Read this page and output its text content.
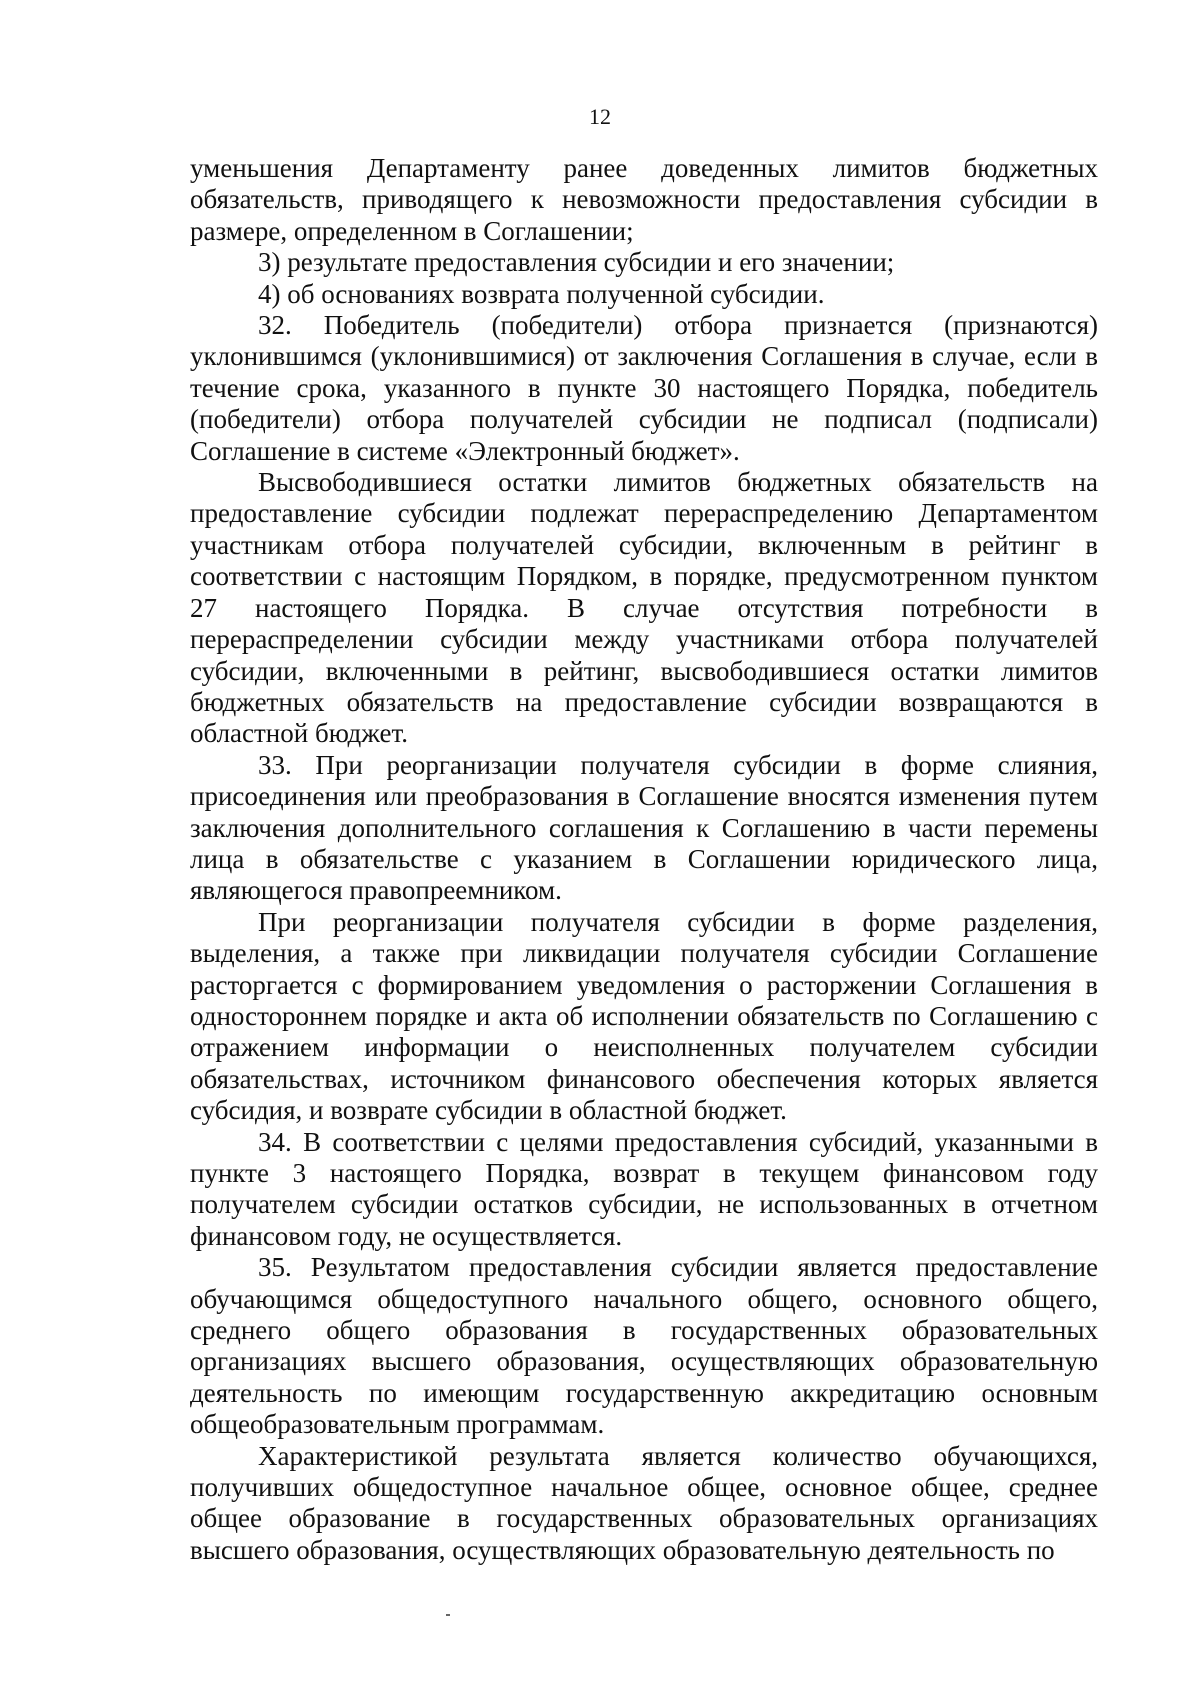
12

уменьшения Департаменту ранее доведенных лимитов бюджетных обязательств, приводящего к невозможности предоставления субсидии в размере, определенном в Соглашении;

3) результате предоставления субсидии и его значении;

4) об основаниях возврата полученной субсидии.

32. Победитель (победители) отбора признается (признаются) уклонившимся (уклонившимися) от заключения Соглашения в случае, если в течение срока, указанного в пункте 30 настоящего Порядка, победитель (победители) отбора получателей субсидии не подписал (подписали) Соглашение в системе «Электронный бюджет».

Высвободившиеся остатки лимитов бюджетных обязательств на предоставление субсидии подлежат перераспределению Департаментом участникам отбора получателей субсидии, включенным в рейтинг в соответствии с настоящим Порядком, в порядке, предусмотренном пунктом 27 настоящего Порядка. В случае отсутствия потребности в перераспределении субсидии между участниками отбора получателей субсидии, включенными в рейтинг, высвободившиеся остатки лимитов бюджетных обязательств на предоставление субсидии возвращаются в областной бюджет.

33. При реорганизации получателя субсидии в форме слияния, присоединения или преобразования в Соглашение вносятся изменения путем заключения дополнительного соглашения к Соглашению в части перемены лица в обязательстве с указанием в Соглашении юридического лица, являющегося правопреемником.

При реорганизации получателя субсидии в форме разделения, выделения, а также при ликвидации получателя субсидии Соглашение расторгается с формированием уведомления о расторжении Соглашения в одностороннем порядке и акта об исполнении обязательств по Соглашению с отражением информации о неисполненных получателем субсидии обязательствах, источником финансового обеспечения которых является субсидия, и возврате субсидии в областной бюджет.

34. В соответствии с целями предоставления субсидий, указанными в пункте 3 настоящего Порядка, возврат в текущем финансовом году получателем субсидии остатков субсидии, не использованных в отчетном финансовом году, не осуществляется.

35. Результатом предоставления субсидии является предоставление обучающимся общедоступного начального общего, основного общего, среднего общего образования в государственных образовательных организациях высшего образования, осуществляющих образовательную деятельность по имеющим государственную аккредитацию основным общеобразовательным программам.

Характеристикой результата является количество обучающихся, получивших общедоступное начальное общее, основное общее, среднее общее образование в государственных образовательных организациях высшего образования, осуществляющих образовательную деятельность по
